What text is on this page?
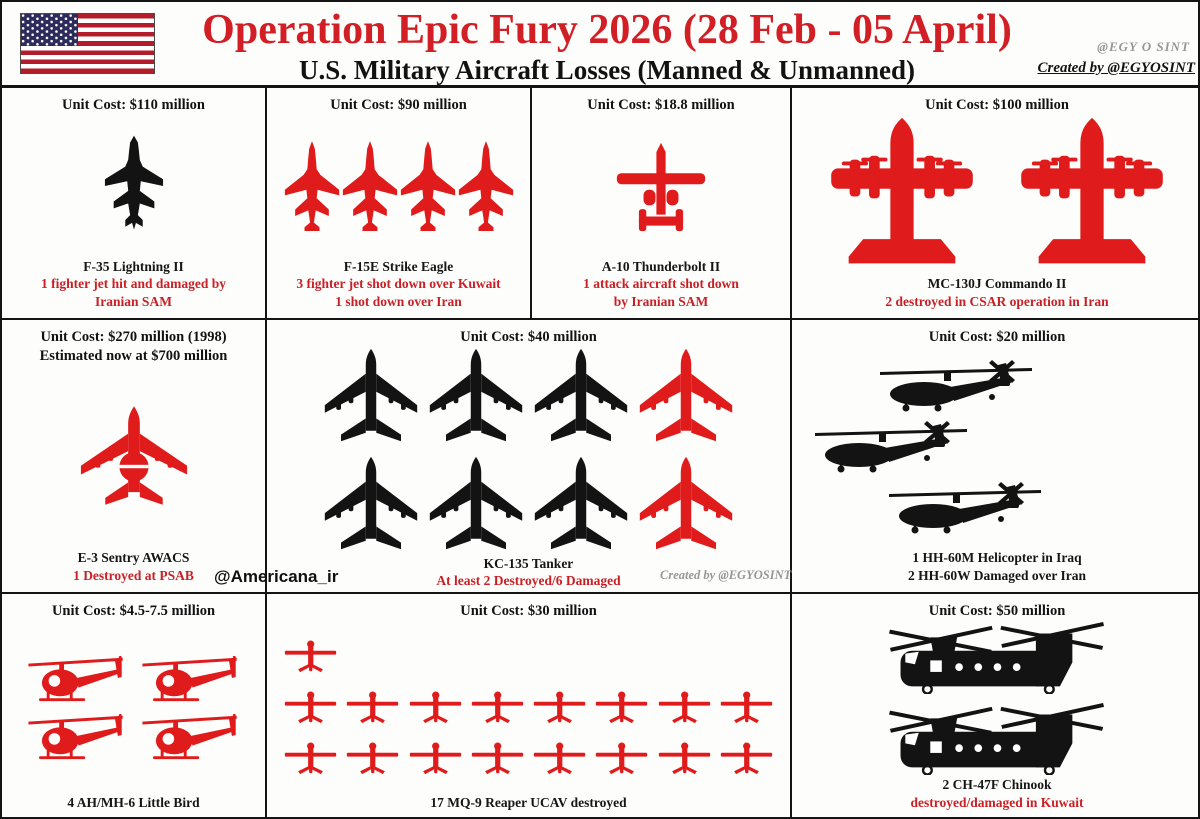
Operation Epic Fury 2026 (28 Feb - 05 April)
U.S. Military Aircraft Losses (Manned & Unmanned)
@EGY O SINT
Created by @EGYOSINT
Unit Cost: $110 million
F-35 Lightning II
1 fighter jet hit and damaged by
Iranian SAM
Unit Cost: $90 million
F-15E Strike Eagle
3 fighter jet shot down over Kuwait
1 shot down over Iran
Unit Cost: $18.8 million
A-10 Thunderbolt II
1 attack aircraft shot down
by Iranian SAM
Unit Cost: $100 million
MC-130J Commando II
2 destroyed in CSAR operation in Iran
Unit Cost: $270 million (1998)
Estimated now at $700 million
E-3 Sentry AWACS
1 Destroyed at PSAB
Unit Cost: $40 million
KC-135 Tanker
At least 2 Destroyed/6 Damaged
Unit Cost: $20 million
1 HH-60M Helicopter in Iraq
2 HH-60W Damaged over Iran
Unit Cost: $4.5-7.5 million
4 AH/MH-6 Little Bird
Unit Cost: $30 million
17 MQ-9 Reaper UCAV destroyed
Unit Cost: $50 million
2 CH-47F Chinook
destroyed/damaged in Kuwait
@Americana_ir	Created by @EGYOSINT
